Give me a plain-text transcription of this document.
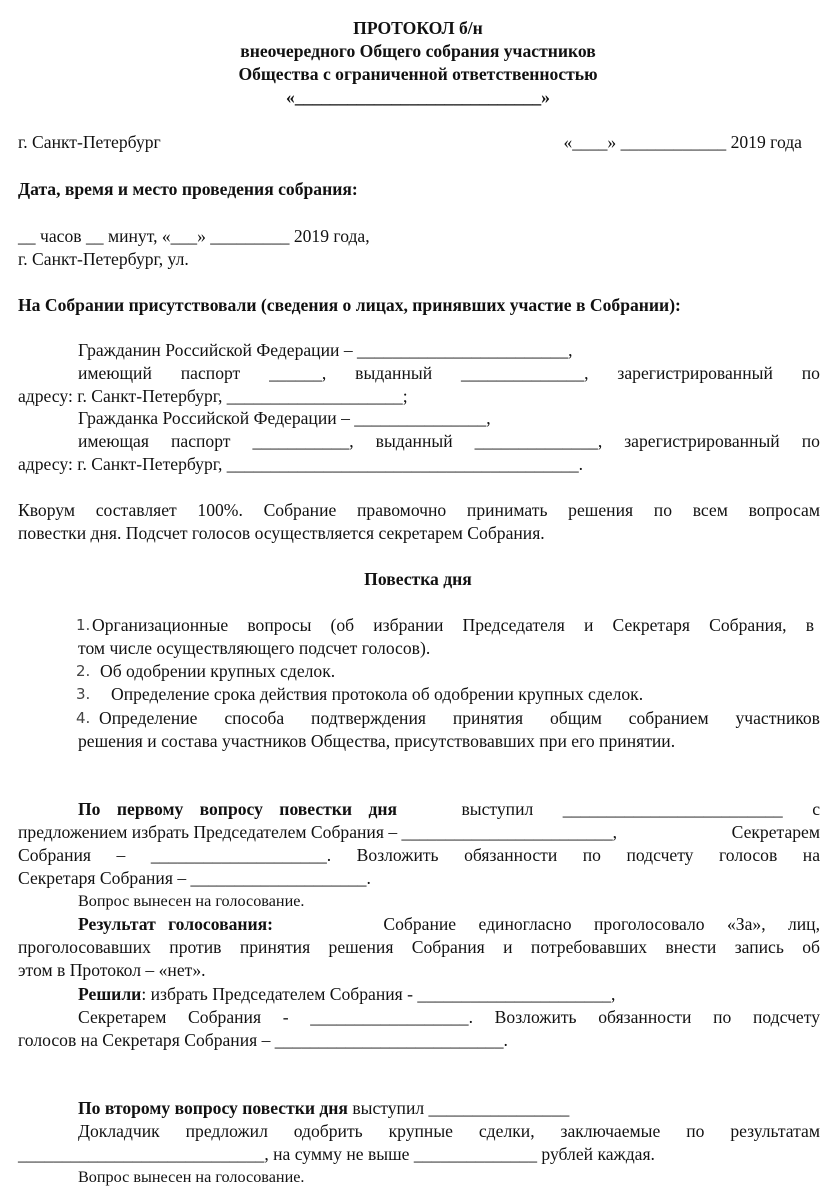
ПРОТОКОЛ б/н
внеочередного Общего собрания участников
Общества с ограниченной ответственностью
«____________________________»
г. Санкт-Петербург	«____» ____________ 2019 года
Дата, время и место проведения собрания:
__ часов __ минут, «___» _________ 2019 года,
г. Санкт-Петербург, ул.
На Собрании присутствовали (сведения о лицах, принявших участие в Собрании):
Гражданин Российской Федерации – ________________________,
имеющий паспорт ______, выданный ______________, зарегистрированный по
адресу: г. Санкт-Петербург, ____________________;
Гражданка Российской Федерации – _______________,
имеющая паспорт ___________, выданный ______________, зарегистрированный по
адресу: г. Санкт-Петербург, ________________________________________.
Кворум составляет 100%. Собрание правомочно принимать решения по всем вопросам
повестки дня. Подсчет голосов осуществляется секретарем Собрания.
Повестка дня
1. Организационные вопросы (об избрании Председателя и Секретаря Собрания, в
том числе осуществляющего подсчет голосов).
2. Об одобрении крупных сделок.
3. Определение срока действия протокола об одобрении крупных сделок.
4. Определение способа подтверждения принятия общим собранием участников
решения и состава участников Общества, присутствовавших при его принятии.
По первому вопросу повестки дня	выступил _________________________ с
предложением избрать Председателем Собрания – ________________________,	Секретарем
Собрания – ____________________. Возложить обязанности по подсчету голосов на
Секретаря Собрания – ____________________.
Вопрос вынесен на голосование.
Результат голосования:	Собрание единогласно проголосовало «За», лиц,
проголосовавших против принятия решения Собрания и потребовавших внести запись об
этом в Протокол – «нет».
Решили: избрать Председателем Собрания - ______________________,
Секретарем Собрания - __________________. Возложить обязанности по подсчету
голосов на Секретаря Собрания – __________________________.
По второму вопросу повестки дня выступил ________________
Докладчик предложил одобрить крупные сделки, заключаемые по результатам
____________________________, на сумму не выше ______________ рублей каждая.
Вопрос вынесен на голосование.
